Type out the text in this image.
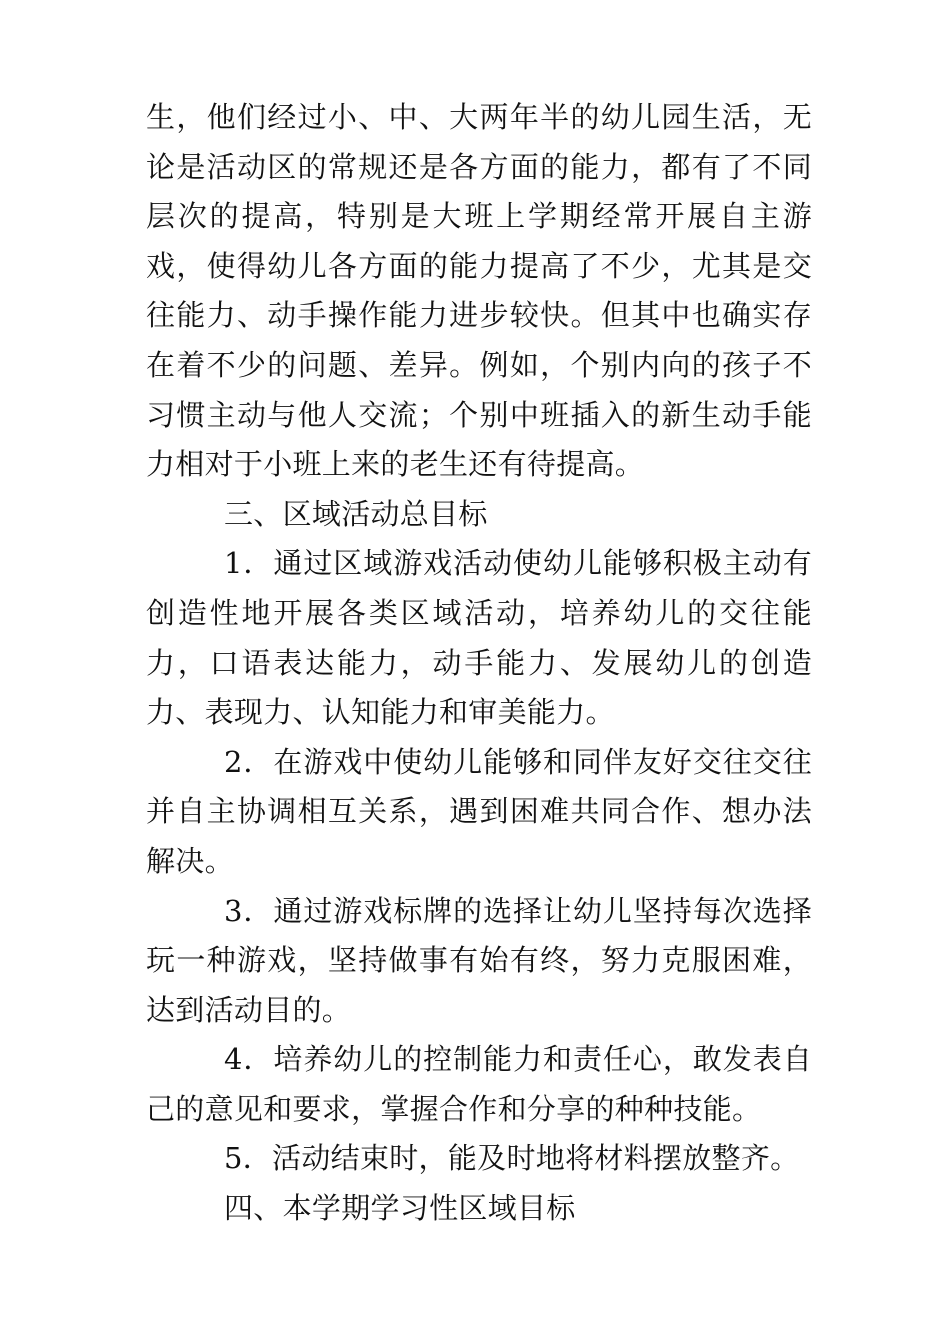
生，他们经过小、中、大两年半的幼儿园生活，无论是活动区的常规还是各方面的能力，都有了不同层次的提高，特别是大班上学期经常开展自主游戏，使得幼儿各方面的能力提高了不少，尤其是交往能力、动手操作能力进步较快。但其中也确实存在着不少的问题、差异。例如，个别内向的孩子不习惯主动与他人交流；个别中班插入的新生动手能力相对于小班上来的老生还有待提高。

三、区域活动总目标

1．通过区域游戏活动使幼儿能够积极主动有创造性地开展各类区域活动，培养幼儿的交往能力，口语表达能力，动手能力、发展幼儿的创造力、表现力、认知能力和审美能力。

2．在游戏中使幼儿能够和同伴友好交往交往并自主协调相互关系，遇到困难共同合作、想办法解决。

3．通过游戏标牌的选择让幼儿坚持每次选择玩一种游戏，坚持做事有始有终，努力克服困难，达到活动目的。

4．培养幼儿的控制能力和责任心，敢发表自己的意见和要求，掌握合作和分享的种种技能。

5．活动结束时，能及时地将材料摆放整齐。

四、本学期学习性区域目标
